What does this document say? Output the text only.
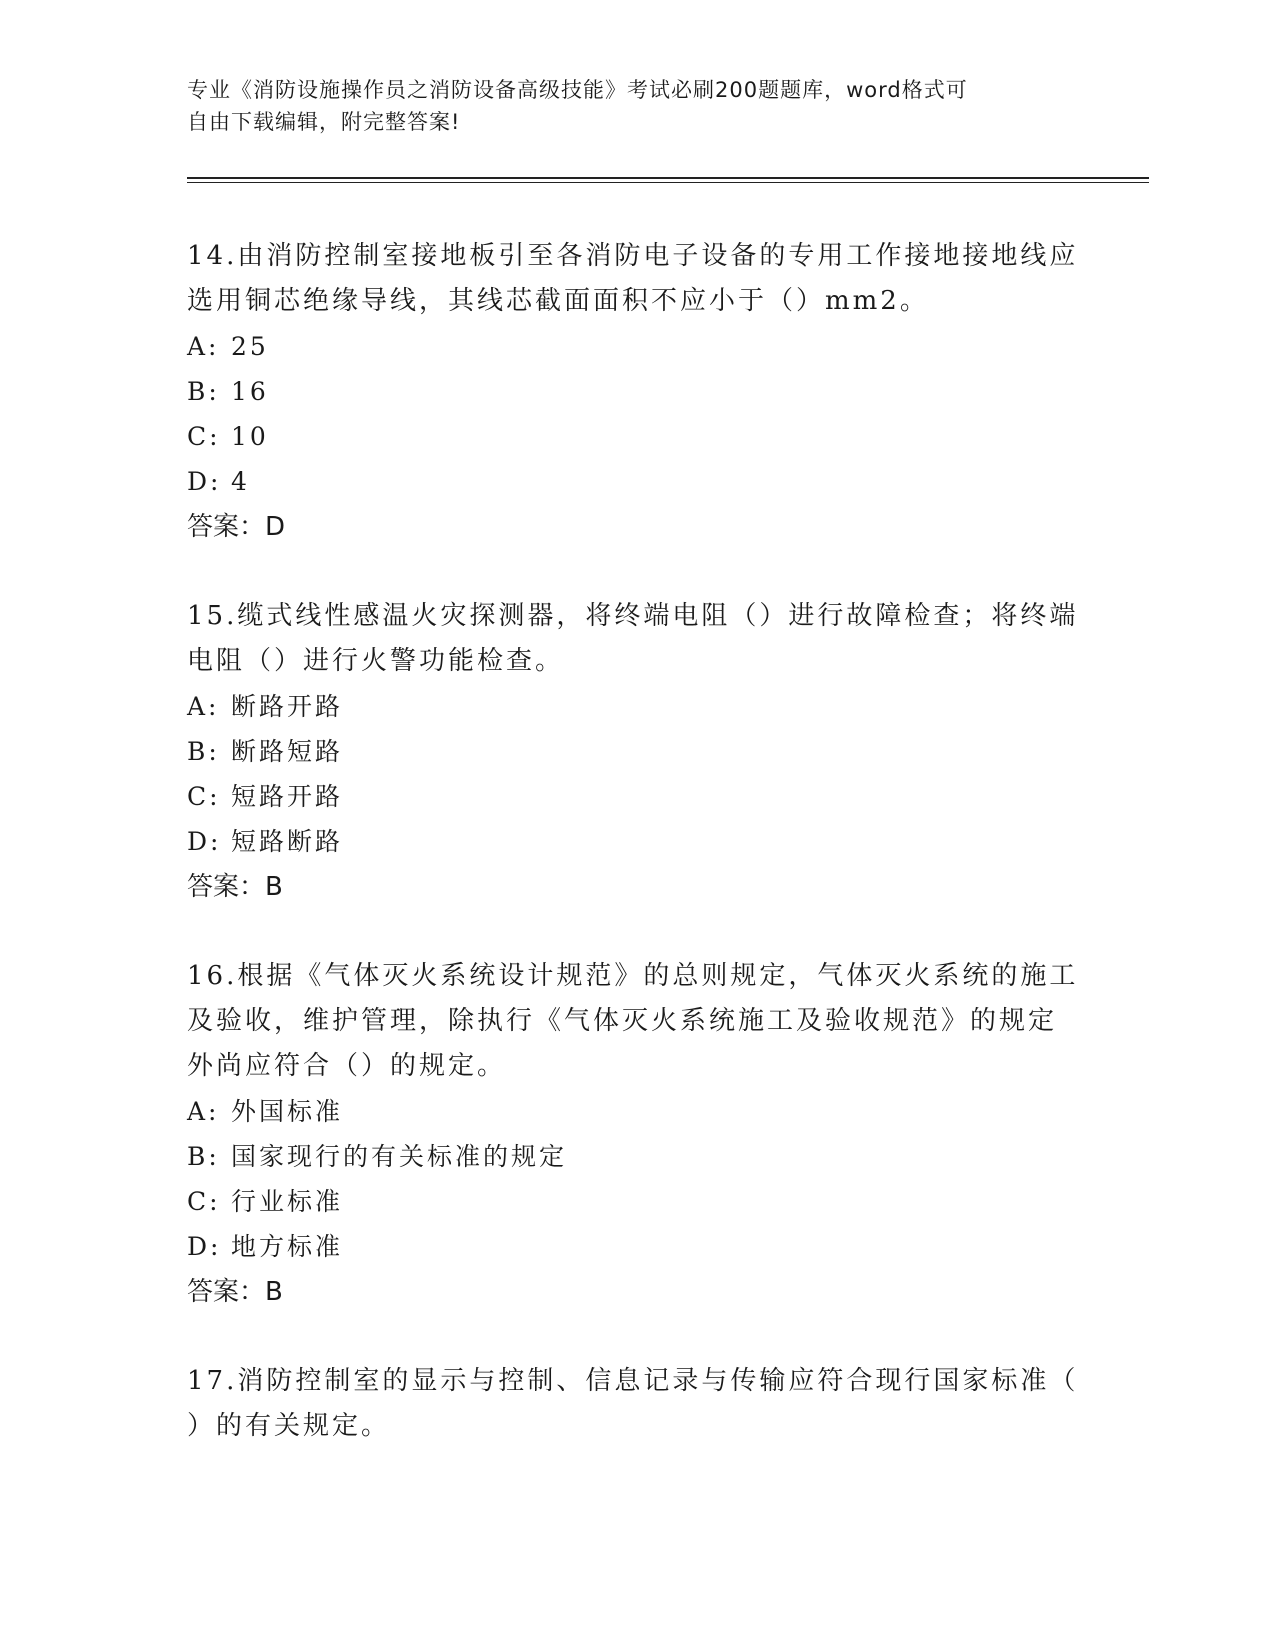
专业《消防设施操作员之消防设备高级技能》考试必刷200题题库，word格式可
自由下载编辑，附完整答案!

14.由消防控制室接地板引至各消防电子设备的专用工作接地接地线应

选用铜芯绝缘导线，其线芯截面面积不应小于（）mm2。

A: 25

B: 16

C: 10

D: 4

答案：D

15.缆式线性感温火灾探测器，将终端电阻（）进行故障检查；将终端

电阻（）进行火警功能检查。

A: 断路开路

B: 断路短路

C: 短路开路

D: 短路断路

答案：B

16.根据《气体灭火系统设计规范》的总则规定，气体灭火系统的施工

及验收，维护管理，除执行《气体灭火系统施工及验收规范》的规定

外尚应符合（）的规定。

A: 外国标准

B: 国家现行的有关标准的规定

C: 行业标准

D: 地方标准

答案：B

17.消防控制室的显示与控制、信息记录与传输应符合现行国家标准（

）的有关规定。
